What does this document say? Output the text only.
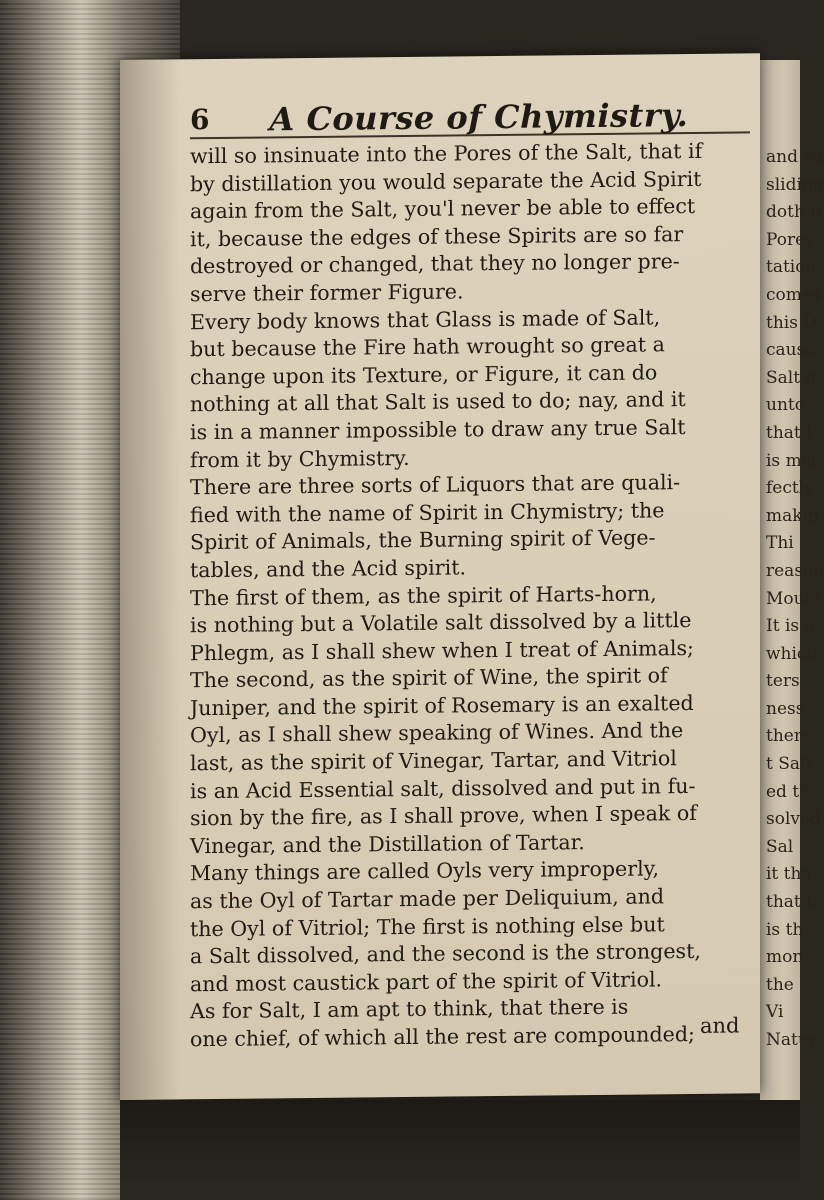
and so
sliding
doth it
Pores
tation
comes
this O
cause
Salt n
unto
that t
is mac
fectly
makin
Thi
reason
Mount
It is a
which
ters
ness
them.
t Salt
ed th
solved
Sal
it tha
that t
is th
mon
the
Vi
Natur
6 A Course of Chymistry.
will so insinuate into the Pores of the Salt, that if
by distillation you would separate the Acid Spirit
again from the Salt, you'l never be able to effect
it, because the edges of these Spirits are so far
destroyed or changed, that they no longer pre-
serve their former Figure.
Every body knows that Glass is made of Salt,
but because the Fire hath wrought so great a
change upon its Texture, or Figure, it can do
nothing at all that Salt is used to do; nay, and it
is in a manner impossible to draw any true Salt
from it by Chymistry.
There are three sorts of Liquors that are quali-
fied with the name of Spirit in Chymistry; the
Spirit of Animals, the Burning spirit of Vege-
tables, and the Acid spirit.
The first of them, as the spirit of Harts-horn,
is nothing but a Volatile salt dissolved by a little
Phlegm, as I shall shew when I treat of Animals;
The second, as the spirit of Wine, the spirit of
Juniper, and the spirit of Rosemary is an exalted
Oyl, as I shall shew speaking of Wines. And the
last, as the spirit of Vinegar, Tartar, and Vitriol
is an Acid Essential salt, dissolved and put in fu-
sion by the fire, as I shall prove, when I speak of
Vinegar, and the Distillation of Tartar.
Many things are called Oyls very improperly,
as the Oyl of Tartar made per Deliquium, and
the Oyl of Vitriol; The first is nothing else but
a Salt dissolved, and the second is the strongest,
and most caustick part of the spirit of Vitriol.
As for Salt, I am apt to think, that there is
one chief, of which all the rest are compounded; and
